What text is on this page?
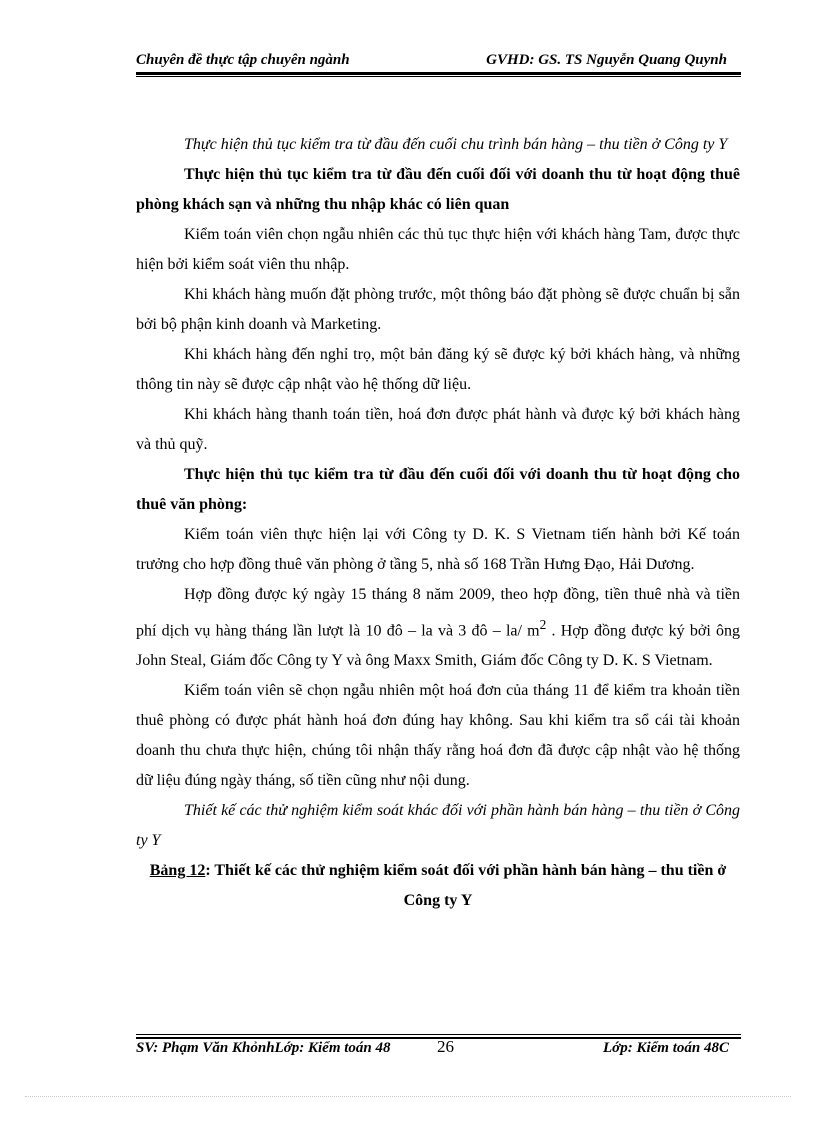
Chuyên đề thực tập chuyên ngành	GVHD: GS. TS Nguyễn Quang Quynh

Thực hiện thủ tục kiểm tra từ đầu đến cuối chu trình bán hàng – thu tiền ở Công ty Y

Thực hiện thủ tục kiểm tra từ đầu đến cuối đối với doanh thu từ hoạt động thuê phòng khách sạn và những thu nhập khác có liên quan

Kiểm toán viên chọn ngẫu nhiên các thủ tục thực hiện với khách hàng Tam, được thực hiện bởi kiểm soát viên thu nhập.

Khi khách hàng muốn đặt phòng trước, một thông báo đặt phòng sẽ được chuẩn bị sẵn bởi bộ phận kinh doanh và Marketing.

Khi khách hàng đến nghỉ trọ, một bản đăng ký sẽ được ký bởi khách hàng, và những thông tin này sẽ được cập nhật vào hệ thống dữ liệu.

Khi khách hàng thanh toán tiền, hoá đơn được phát hành và được ký bởi khách hàng và thủ quỹ.

Thực hiện thủ tục kiểm tra từ đầu đến cuối đối với doanh thu từ hoạt động cho thuê văn phòng:

Kiểm toán viên thực hiện lại với Công ty D. K. S Vietnam tiến hành bởi Kế toán trưởng cho hợp đồng thuê văn phòng ở tầng 5, nhà số 168 Trần Hưng Đạo, Hải Dương.

Hợp đồng được ký ngày 15 tháng 8 năm 2009, theo hợp đồng, tiền thuê nhà và tiền phí dịch vụ hàng tháng lần lượt là 10 đô – la và 3 đô – la/ $m^2$ . Hợp đồng được ký bởi ông John Steal, Giám đốc Công ty Y và ông Maxx Smith, Giám đốc Công ty D. K. S Vietnam.

Kiểm toán viên sẽ chọn ngẫu nhiên một hoá đơn của tháng 11 để kiểm tra khoản tiền thuê phòng có được phát hành hoá đơn đúng hay không. Sau khi kiểm tra sổ cái tài khoản doanh thu chưa thực hiện, chúng tôi nhận thấy rằng hoá đơn đã được cập nhật vào hệ thống dữ liệu đúng ngày tháng, số tiền cũng như nội dung.

Thiết kế các thử nghiệm kiểm soát khác đối với phần hành bán hàng – thu tiền ở Công ty Y

Bảng 12: Thiết kế các thử nghiệm kiểm soát đối với phần hành bán hàng – thu tiền ở Công ty Y

SV: Phạm Văn KhỏnhLớp: Kiểm toán 48	26	Lớp: Kiểm toán 48C
